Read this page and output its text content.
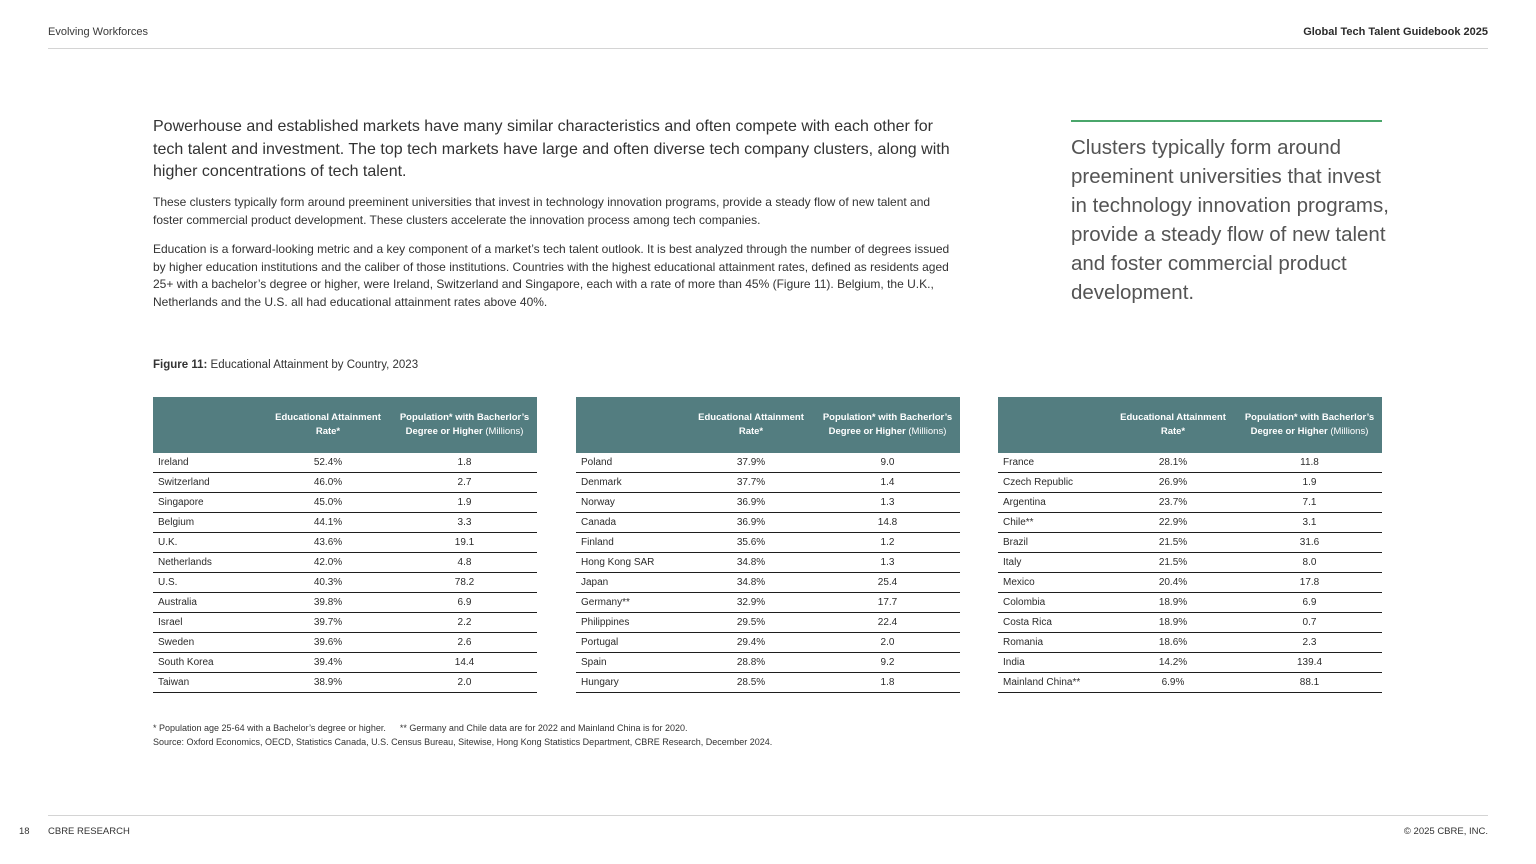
Evolving Workforces	Global Tech Talent Guidebook 2025
Powerhouse and established markets have many similar characteristics and often compete with each other for tech talent and investment. The top tech markets have large and often diverse tech company clusters, along with higher concentrations of tech talent.
These clusters typically form around preeminent universities that invest in technology innovation programs, provide a steady flow of new talent and foster commercial product development. These clusters accelerate the innovation process among tech companies.
Education is a forward-looking metric and a key component of a market’s tech talent outlook. It is best analyzed through the number of degrees issued by higher education institutions and the caliber of those institutions. Countries with the highest educational attainment rates, defined as residents aged 25+ with a bachelor’s degree or higher, were Ireland, Switzerland and Singapore, each with a rate of more than 45% (Figure 11). Belgium, the U.K., Netherlands and the U.S. all had educational attainment rates above 40%.
Clusters typically form around preeminent universities that invest in technology innovation programs, provide a steady flow of new talent and foster commercial product development.
Figure 11: Educational Attainment by Country, 2023
	Educational Attainment Rate*	Population* with Bacherlor’s Degree or Higher (Millions)
Ireland	52.4%	1.8
Switzerland	46.0%	2.7
Singapore	45.0%	1.9
Belgium	44.1%	3.3
U.K.	43.6%	19.1
Netherlands	42.0%	4.8
U.S.	40.3%	78.2
Australia	39.8%	6.9
Israel	39.7%	2.2
Sweden	39.6%	2.6
South Korea	39.4%	14.4
Taiwan	38.9%	2.0
	Educational Attainment Rate*	Population* with Bacherlor’s Degree or Higher (Millions)
Poland	37.9%	9.0
Denmark	37.7%	1.4
Norway	36.9%	1.3
Canada	36.9%	14.8
Finland	35.6%	1.2
Hong Kong SAR	34.8%	1.3
Japan	34.8%	25.4
Germany**	32.9%	17.7
Philippines	29.5%	22.4
Portugal	29.4%	2.0
Spain	28.8%	9.2
Hungary	28.5%	1.8
	Educational Attainment Rate*	Population* with Bacherlor’s Degree or Higher (Millions)
France	28.1%	11.8
Czech Republic	26.9%	1.9
Argentina	23.7%	7.1
Chile**	22.9%	3.1
Brazil	21.5%	31.6
Italy	21.5%	8.0
Mexico	20.4%	17.8
Colombia	18.9%	6.9
Costa Rica	18.9%	0.7
Romania	18.6%	2.3
India	14.2%	139.4
Mainland China**	6.9%	88.1
* Population age 25-64 with a Bachelor’s degree or higher. ** Germany and Chile data are for 2022 and Mainland China is for 2020.
Source: Oxford Economics, OECD, Statistics Canada, U.S. Census Bureau, Sitewise, Hong Kong Statistics Department, CBRE Research, December 2024.
18 CBRE RESEARCH	© 2025 CBRE, INC.
